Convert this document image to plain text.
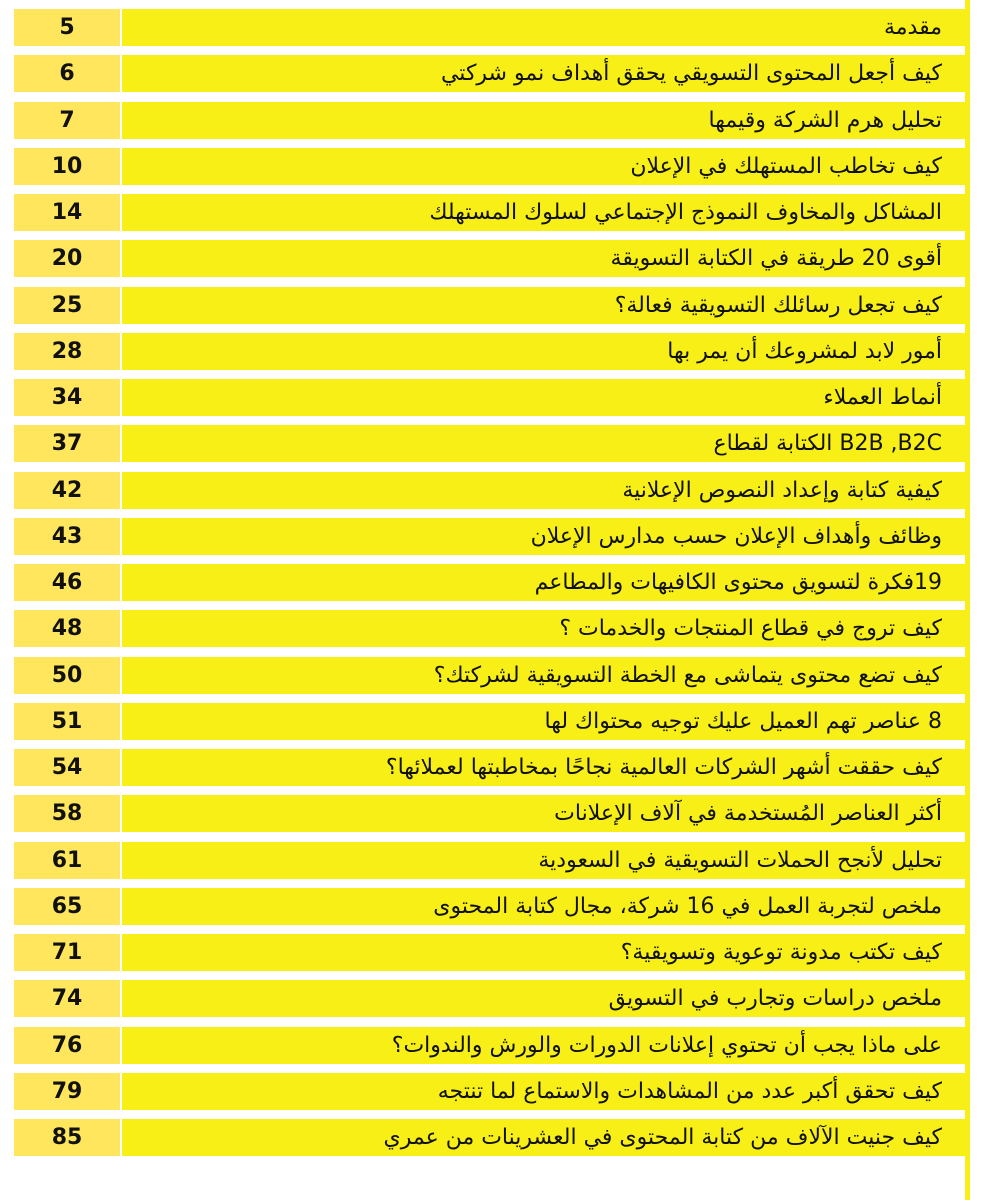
5	مقدمة
6	كيف أجعل المحتوى التسويقي يحقق أهداف نمو شركتي
7	تحليل هرم الشركة وقيمها
10	كيف تخاطب المستهلك في الإعلان
14	المشاكل والمخاوف النموذج الإجتماعي لسلوك المستهلك
20	أقوى 20 طريقة في الكتابة التسويقة
25	كيف تجعل رسائلك التسويقية فعالة؟
28	أمور لابد لمشروعك أن يمر بها
34	أنماط العملاء
37	B2B ,B2C الكتابة لقطاع
42	كيفية كتابة وإعداد النصوص الإعلانية
43	وظائف وأهداف الإعلان حسب مدارس الإعلان
46	19فكرة لتسويق محتوى الكافيهات والمطاعم
48	كيف تروج في قطاع المنتجات والخدمات ؟
50	كيف تضع محتوى يتماشى مع الخطة التسويقية لشركتك؟
51	8 عناصر تهم العميل عليك توجيه محتواك لها
54	كيف حققت أشهر الشركات العالمية نجاحًا بمخاطبتها لعملائها؟
58	أكثر العناصر المُستخدمة في آلاف الإعلانات
61	تحليل لأنجح الحملات التسويقية في السعودية
65	ملخص لتجربة العمل في 16 شركة، مجال كتابة المحتوى
71	كيف تكتب مدونة توعوية وتسويقية؟
74	ملخص دراسات وتجارب في التسويق
76	على ماذا يجب أن تحتوي إعلانات الدورات والورش والندوات؟
79	كيف تحقق أكبر عدد من المشاهدات والاستماع لما تنتجه
85	كيف جنيت الآلاف من كتابة المحتوى في العشرينات من عمري
